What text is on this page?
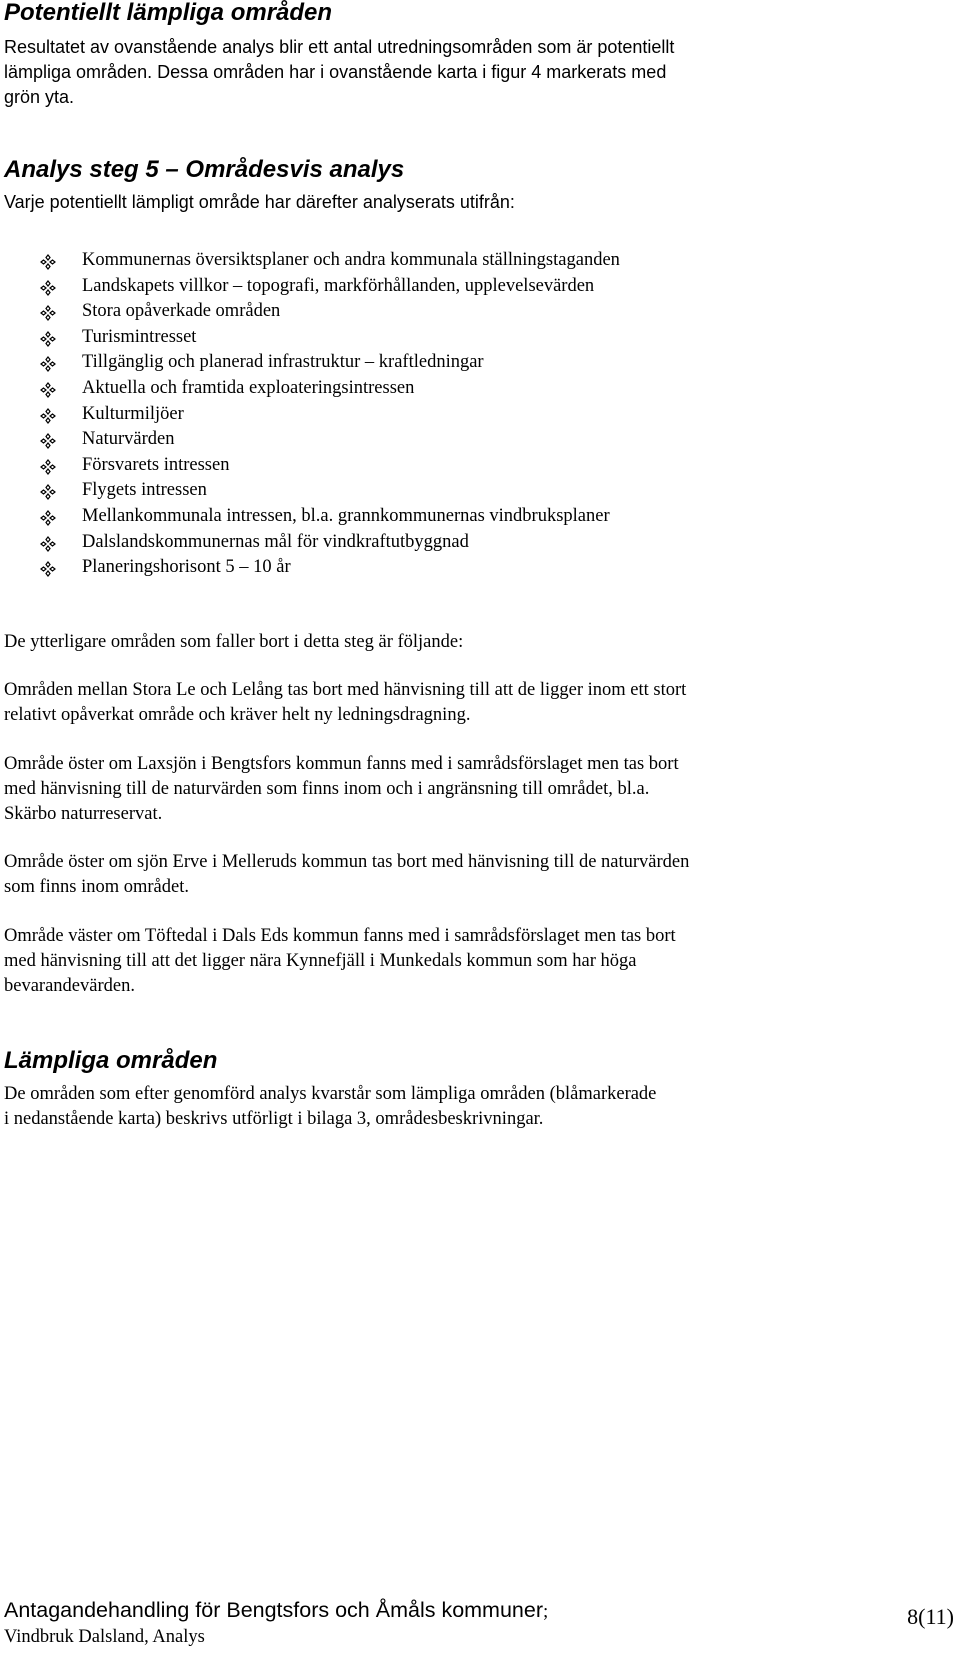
Potentiellt lämpliga områden

Resultatet av ovanstående analys blir ett antal utredningsområden som är potentiellt lämpliga områden. Dessa områden har i ovanstående karta i figur 4 markerats med grön yta.

Analys steg 5 – Områdesvis analys

Varje potentiellt lämpligt område har därefter analyserats utifrån:

Kommunernas översiktsplaner och andra kommunala ställningstaganden
Landskapets villkor – topografi, markförhållanden, upplevelsevärden
Stora opåverkade områden
Turismintresset
Tillgänglig och planerad infrastruktur – kraftledningar
Aktuella och framtida exploateringsintressen
Kulturmiljöer
Naturvärden
Försvarets intressen
Flygets intressen
Mellankommunala intressen, bl.a. grannkommunernas vindbruksplaner
Dalslandskommunernas mål för vindkraftutbyggnad
Planeringshorisont 5 – 10 år

De ytterligare områden som faller bort i detta steg är följande:

Områden mellan Stora Le och Lelång tas bort med hänvisning till att de ligger inom ett stort relativt opåverkat område och kräver helt ny ledningsdragning.

Område öster om Laxsjön i Bengtsfors kommun fanns med i samrådsförslaget men tas bort med hänvisning till de naturvärden som finns inom och i angränsning till området, bl.a. Skärbo naturreservat.

Område öster om sjön Erve i Melleruds kommun tas bort med hänvisning till de naturvärden som finns inom området.

Område väster om Töftedal i Dals Eds kommun fanns med i samrådsförslaget men tas bort med hänvisning till att det ligger nära Kynnefjäll i Munkedals kommun som har höga bevarandevärden.

Lämpliga områden

De områden som efter genomförd analys kvarstår som lämpliga områden (blåmarkerade i nedanstående karta) beskrivs utförligt i bilaga 3, områdesbeskrivningar.

Antagandehandling för Bengtsfors och Åmåls kommuner;
Vindbruk Dalsland, Analys
8(11)
